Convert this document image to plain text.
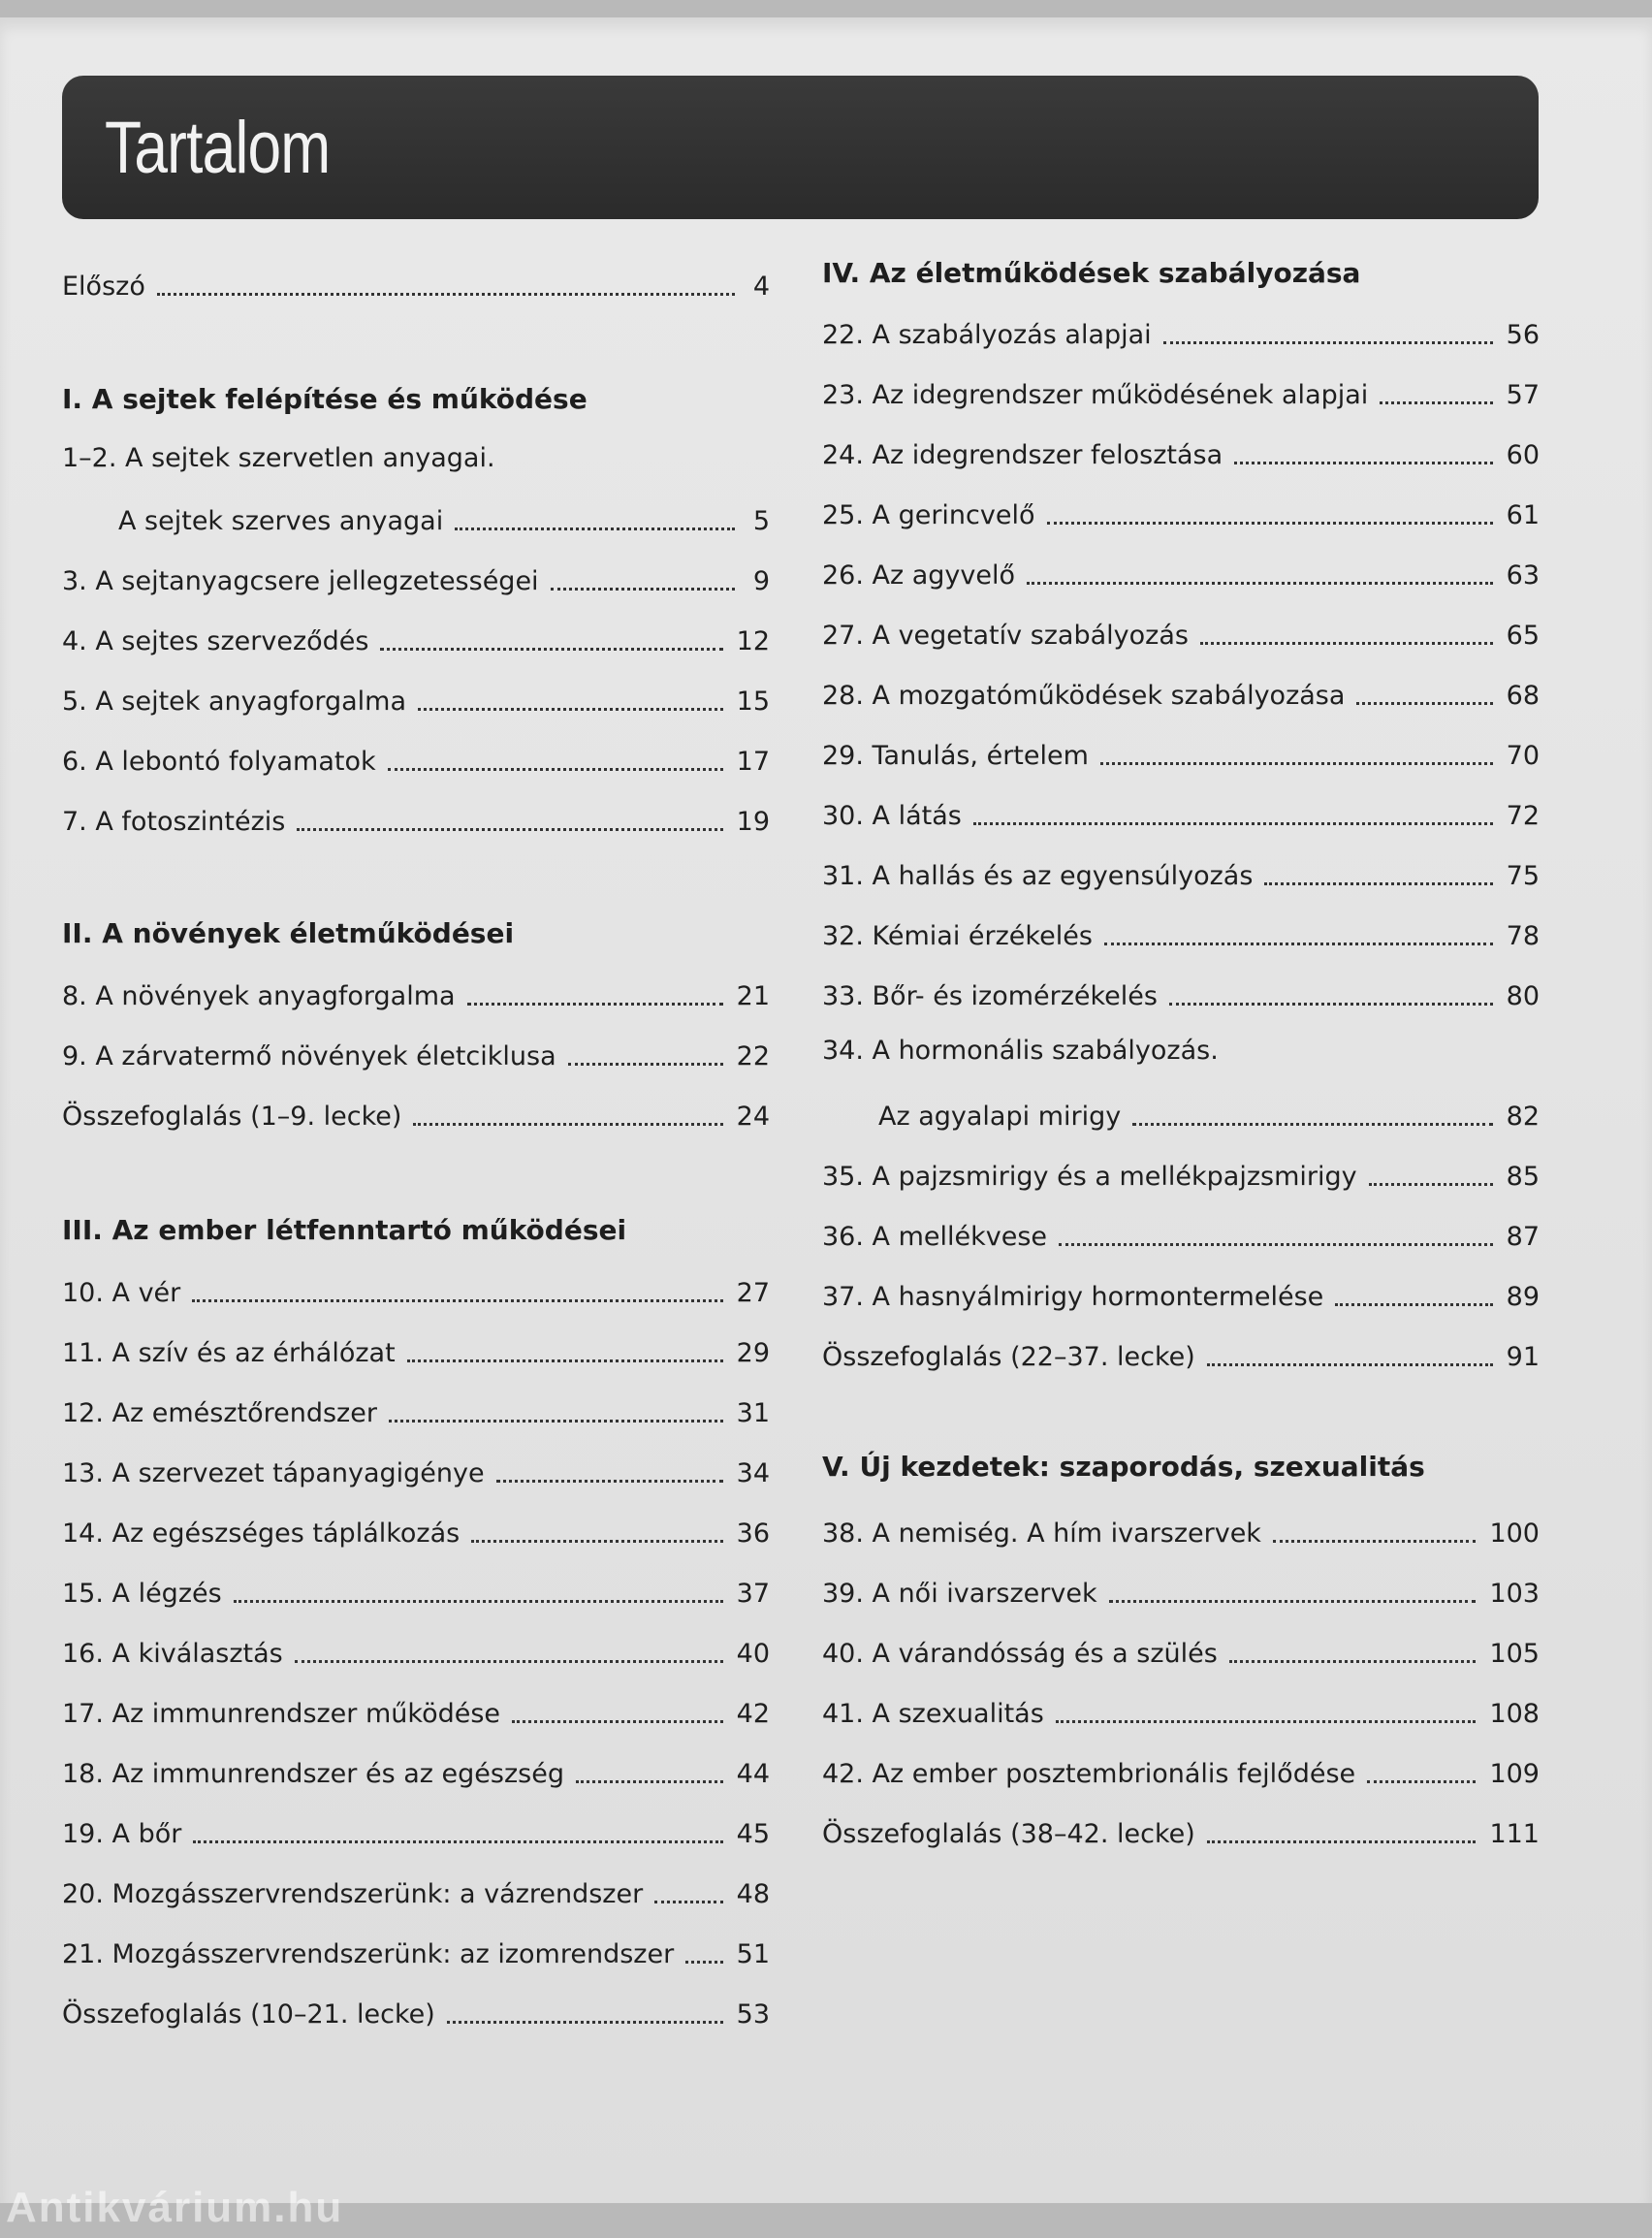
Tartalom
Előszó	4
I. A sejtek felépítése és működése
1–2. A sejtek szervetlen anyagai.
A sejtek szerves anyagai	5
3. A sejtanyagcsere jellegzetességei	9
4. A sejtes szerveződés	12
5. A sejtek anyagforgalma	15
6. A lebontó folyamatok	17
7. A fotoszintézis	19
II. A növények életműködései
8. A növények anyagforgalma	21
9. A zárvatermő növények életciklusa	22
Összefoglalás (1–9. lecke)	24
III. Az ember létfenntartó működései
10. A vér	27
11. A szív és az érhálózat	29
12. Az emésztőrendszer	31
13. A szervezet tápanyagigénye	34
14. Az egészséges táplálkozás	36
15. A légzés	37
16. A kiválasztás	40
17. Az immunrendszer működése	42
18. Az immunrendszer és az egészség	44
19. A bőr	45
20. Mozgásszervrendszerünk: a vázrendszer	48
21. Mozgásszervrendszerünk: az izomrendszer 51
Összefoglalás (10–21. lecke)	53
IV. Az életműködések szabályozása
22. A szabályozás alapjai	56
23. Az idegrendszer működésének alapjai	57
24. Az idegrendszer felosztása	60
25. A gerincvelő	61
26. Az agyvelő	63
27. A vegetatív szabályozás	65
28. A mozgatóműködések szabályozása	68
29. Tanulás, értelem	70
30. A látás	72
31. A hallás és az egyensúlyozás	75
32. Kémiai érzékelés	78
33. Bőr- és izomérzékelés	80
34. A hormonális szabályozás.
Az agyalapi mirigy	82
35. A pajzsmirigy és a mellékpajzsmirigy	85
36. A mellékvese	87
37. A hasnyálmirigy hormontermelése	89
Összefoglalás (22–37. lecke)	91
V. Új kezdetek: szaporodás, szexualitás
38. A nemiség. A hím ivarszervek	100
39. A női ivarszervek	103
40. A várandósság és a szülés	105
41. A szexualitás	108
42. Az ember posztembrionális fejlődése	109
Összefoglalás (38–42. lecke)	111
Antikvárium.hu
